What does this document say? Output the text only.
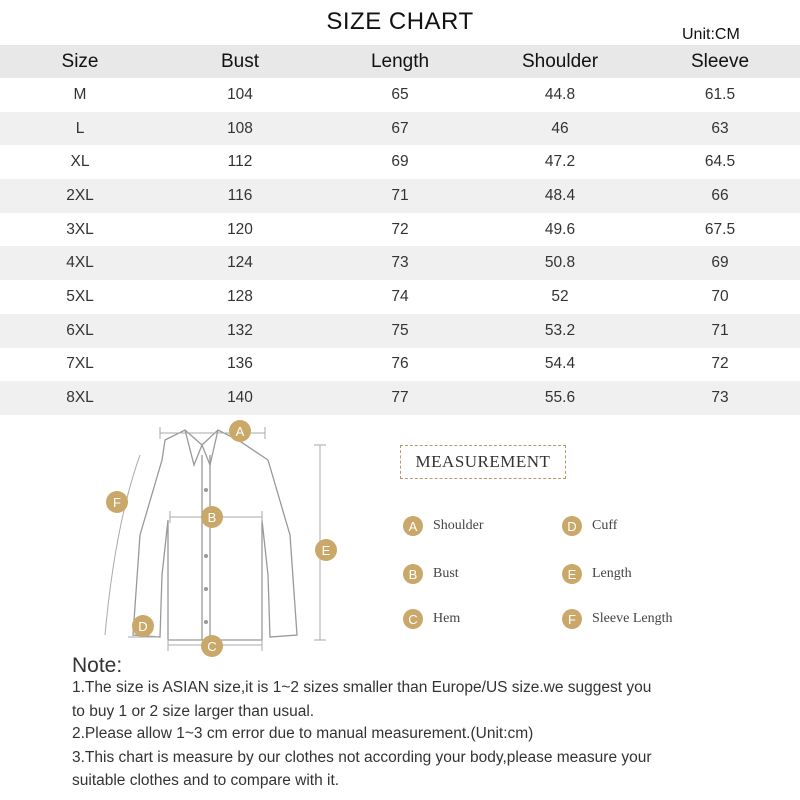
SIZE CHART	Unit:CM
Size	Bust	Length	Shoulder	Sleeve
M	104	65	44.8	61.5
L	108	67	46	63
XL	112	69	47.2	64.5
2XL	116	71	48.4	66
3XL	120	72	49.6	67.5
4XL	124	73	50.8	69
5XL	128	74	52	70
6XL	132	75	53.2	71
7XL	136	76	54.4	72
8XL	140	77	55.6	73
A
B
C
D
E
F
MEASUREMENT
A	Shoulder
B	Bust
C	Hem
D	Cuff
E	Length
F	Sleeve Length
Note:
1.The size is ASIAN size,it is 1~2 sizes smaller than Europe/US size.we suggest you
to buy 1 or 2 size larger than usual.
2.Please allow 1~3 cm error due to manual measurement.(Unit:cm)
3.This chart is measure by our clothes not according your body,please measure your
suitable clothes and to compare with it.
